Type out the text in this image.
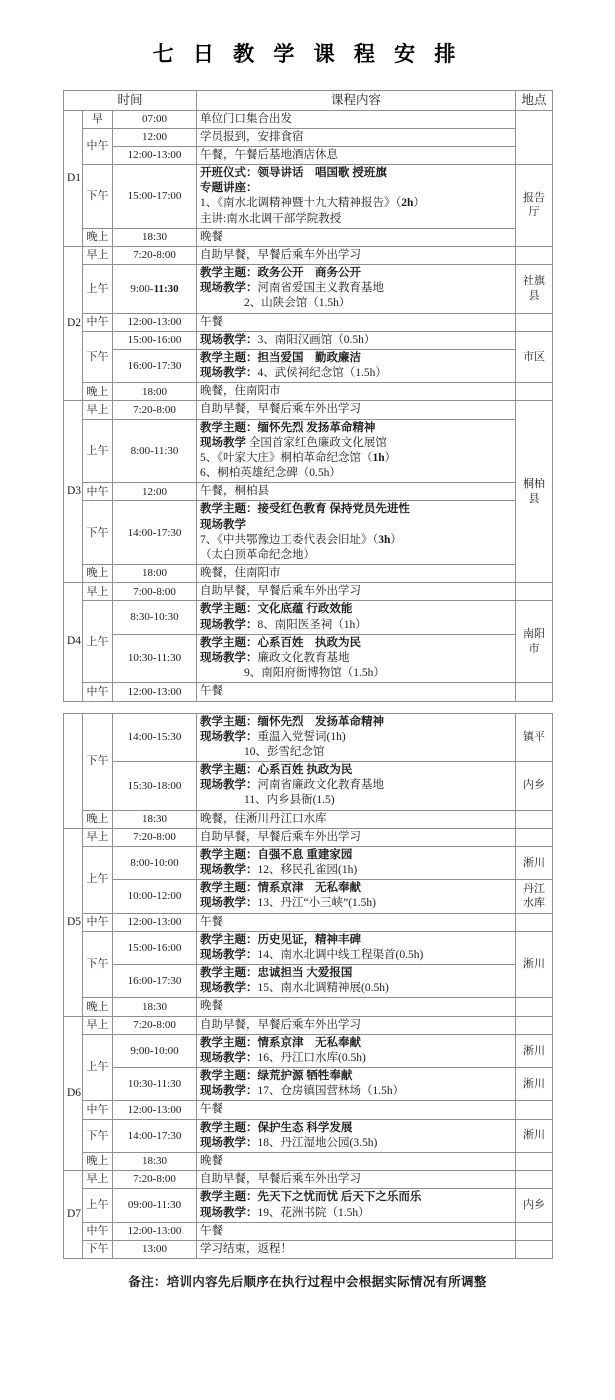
七 日 教 学 课 程 安 排
时间			课程内容	地点
D1	早	07:00	单位门口集合出发	
	中午	12:00	学员报到，安排食宿	
		12:00-13:00	午餐，午餐后基地酒店休息	
	下午	15:00-17:00	开班仪式：领导讲话　唱国歌 授班旗
专题讲座：
1、《南水北调精神暨十九大精神报告》（2h）
主讲:南水北调干部学院教授	报告厅
	晚上	18:30	晚餐	
D2	早上	7:20-8:00	自助早餐，早餐后乘车外出学习	
	上午	9:00-11:30	教学主题：政务公开　商务公开
现场教学：河南省爱国主义教育基地
2、山陕会馆（1.5h）	社旗县
	中午	12:00-13:00	午餐	
	下午	15:00-16:00	现场教学：3、南阳汉画馆（0.5h）	市区
		16:00-17:30	教学主题：担当爱国　勤政廉洁
现场教学：4、武侯祠纪念馆（1.5h）	

	晚上	18:00	晚餐，住南阳市	
D3	早上	7:20-8:00	自助早餐，早餐后乘车外出学习	桐柏县
	上午	8:00-11:30	教学主题：缅怀先烈 发扬革命精神
现场教学 全国首家红色廉政文化展馆
5、《叶家大庄》桐柏革命纪念馆（1h）
6、桐柏英雄纪念碑（0.5h）	

	中午	12:00	午餐，桐柏县	
	下午	14:00-17:30	教学主题：接受红色教育 保持党员先进性
现场教学
7、《中共鄂豫边工委代表会旧址》（3h）
（太白顶革命纪念地）	

	晚上	18:00	晚餐，住南阳市	
D4	早上	7:00-8:00	自助早餐，早餐后乘车外出学习	
	上午	8:30-10:30	教学主题：文化底蕴 行政效能
现场教学：8、南阳医圣祠（1h）	南阳市
		10:30-11:30	教学主题：心系百姓　执政为民
现场教学：廉政文化教育基地
9、南阳府衙博物馆（1.5h）	

	中午	12:00-13:00	午餐	
	下午	14:00-15:30	教学主题：缅怀先烈　发扬革命精神
现场教学：重温入党誓词(1h)
10、彭雪纪念馆	镇平
		15:30-18:00	教学主题：心系百姓 执政为民
现场教学：河南省廉政文化教育基地
11、内乡县衙(1.5)	内乡
	晚上	18:30	晚餐，住淅川丹江口水库	
D5	早上	7:20-8:00	自助早餐，早餐后乘车外出学习	
	上午	8:00-10:00	教学主题：自强不息 重建家园
现场教学：12、移民孔雀园(1h)	淅川
		10:00-12:00	教学主题：情系京津　无私奉献
现场教学：13、丹江“小三峡”(1.5h)	丹江水库
	中午	12:00-13:00	午餐	
	下午	15:00-16:00	教学主题：历史见证，精神丰碑
现场教学：14、南水北调中线工程渠首(0.5h)	淅川
		16:00-17:30	教学主题：忠诚担当 大爱报国
现场教学：15、南水北调精神展(0.5h)	

	晚上	18:30	晚餐	
D6	早上	7:20-8:00	自助早餐，早餐后乘车外出学习	
	上午	9:00-10:00	教学主题：情系京津　无私奉献
现场教学：16、丹江口水库(0.5h)	淅川
		10:30-11:30	教学主题：绿荒护源 牺牲奉献
现场教学：17、仓房镇国营林场（1.5h）	淅川
	中午	12:00-13:00	午餐	
	下午	14:00-17:30	教学主题：保护生态 科学发展
现场教学：18、丹江湿地公园(3.5h)	淅川
	晚上	18:30	晚餐	
D7	早上	7:20-8:00	自助早餐，早餐后乘车外出学习	
	上午	09:00-11:30	教学主题：先天下之忧而忧 后天下之乐而乐
现场教学：19、花洲书院（1.5h）	内乡
	中午	12:00-13:00	午餐	
	下午	13:00	学习结束，返程！	
备注：培训内容先后顺序在执行过程中会根据实际情况有所调整
